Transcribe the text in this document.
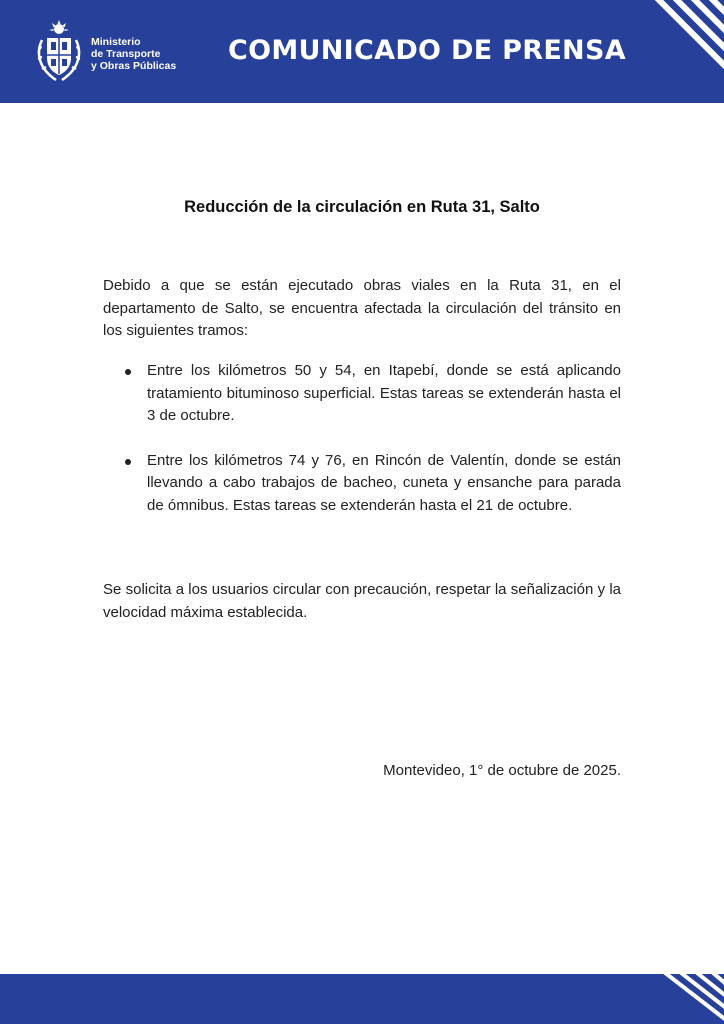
Ministerio
de Transporte
y Obras Públicas COMUNICADO DE PRENSA
Reducción de la circulación en Ruta 31, Salto

Debido a que se están ejecutado obras viales en la Ruta 31, en el departamento de Salto, se encuentra afectada la circulación del tránsito en los siguientes tramos:

Entre los kilómetros 50 y 54, en Itapebí, donde se está aplicando tratamiento bituminoso superficial. Estas tareas se extenderán hasta el 3 de octubre.
Entre los kilómetros 74 y 76, en Rincón de Valentín, donde se están llevando a cabo trabajos de bacheo, cuneta y ensanche para parada de ómnibus. Estas tareas se extenderán hasta el 21 de octubre.

Se solicita a los usuarios circular con precaución, respetar la señalización y la velocidad máxima establecida.

Montevideo, 1° de octubre de 2025.
